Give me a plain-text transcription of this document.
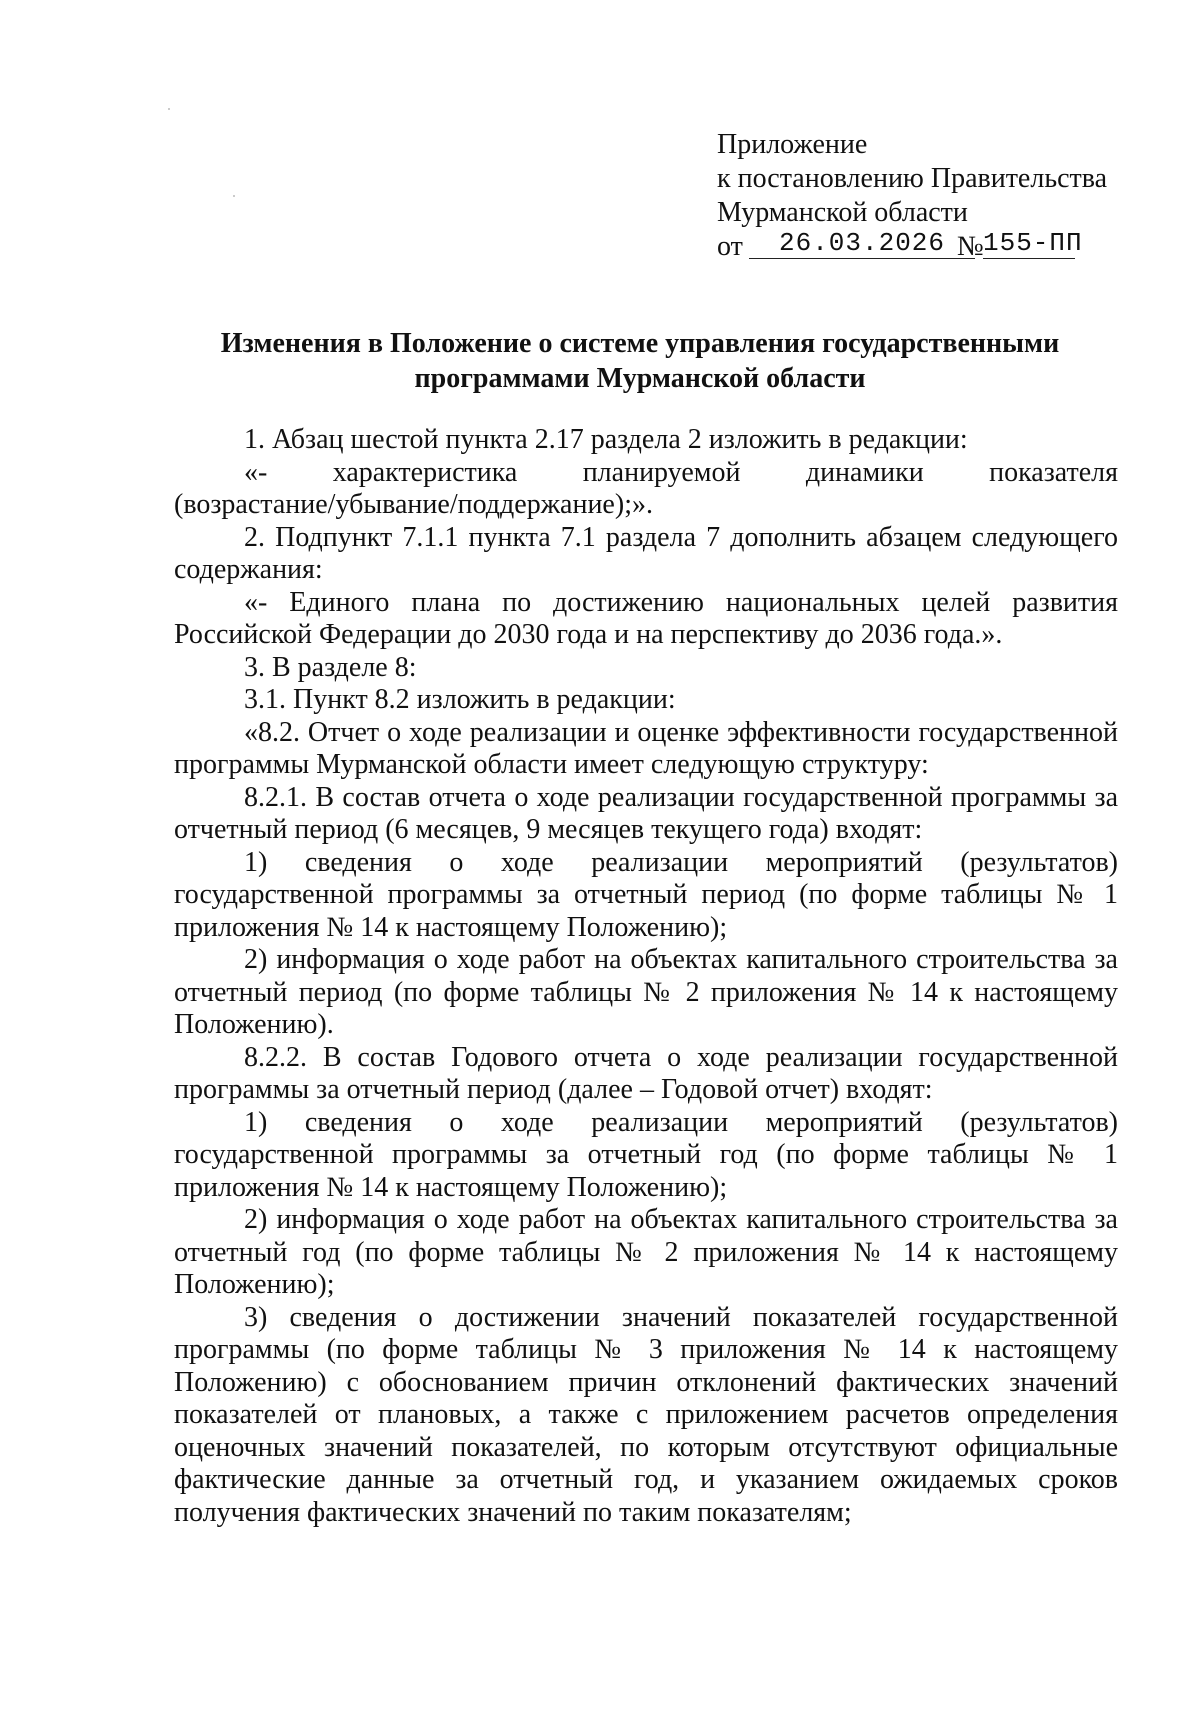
Приложение
к постановлению Правительства
Мурманской области
от	26.03.2026 № 155-ПП
Изменения в Положение о системе управления государственными
программами Мурманской области

1. Абзац шестой пункта 2.17 раздела 2 изложить в редакции:

«- характеристика планируемой динамики показателя

(возрастание/убывание/поддержание);».

2. Подпункт 7.1.1 пункта 7.1 раздела 7 дополнить абзацем следующего содержания:

«- Единого плана по достижению национальных целей развития Российской Федерации до 2030 года и на перспективу до 2036 года.».

3. В разделе 8:

3.1. Пункт 8.2 изложить в редакции:

«8.2. Отчет о ходе реализации и оценке эффективности государственной программы Мурманской области имеет следующую структуру:

8.2.1. В состав отчета о ходе реализации государственной программы за отчетный период (6 месяцев, 9 месяцев текущего года) входят:

1) сведения о ходе реализации мероприятий (результатов) государственной программы за отчетный период (по форме таблицы № 1 приложения № 14 к настоящему Положению);

2) информация о ходе работ на объектах капитального строительства за отчетный период (по форме таблицы № 2 приложения № 14 к настоящему Положению).

8.2.2. В состав Годового отчета о ходе реализации государственной программы за отчетный период (далее – Годовой отчет) входят:

1) сведения о ходе реализации мероприятий (результатов) государственной программы за отчетный год (по форме таблицы № 1 приложения № 14 к настоящему Положению);

2) информация о ходе работ на объектах капитального строительства за отчетный год (по форме таблицы № 2 приложения № 14 к настоящему Положению);

3) сведения о достижении значений показателей государственной программы (по форме таблицы № 3 приложения № 14 к настоящему Положению) с обоснованием причин отклонений фактических значений показателей от плановых, а также с приложением расчетов определения оценочных значений показателей, по которым отсутствуют официальные фактические данные за отчетный год, и указанием ожидаемых сроков получения фактических значений по таким показателям;
